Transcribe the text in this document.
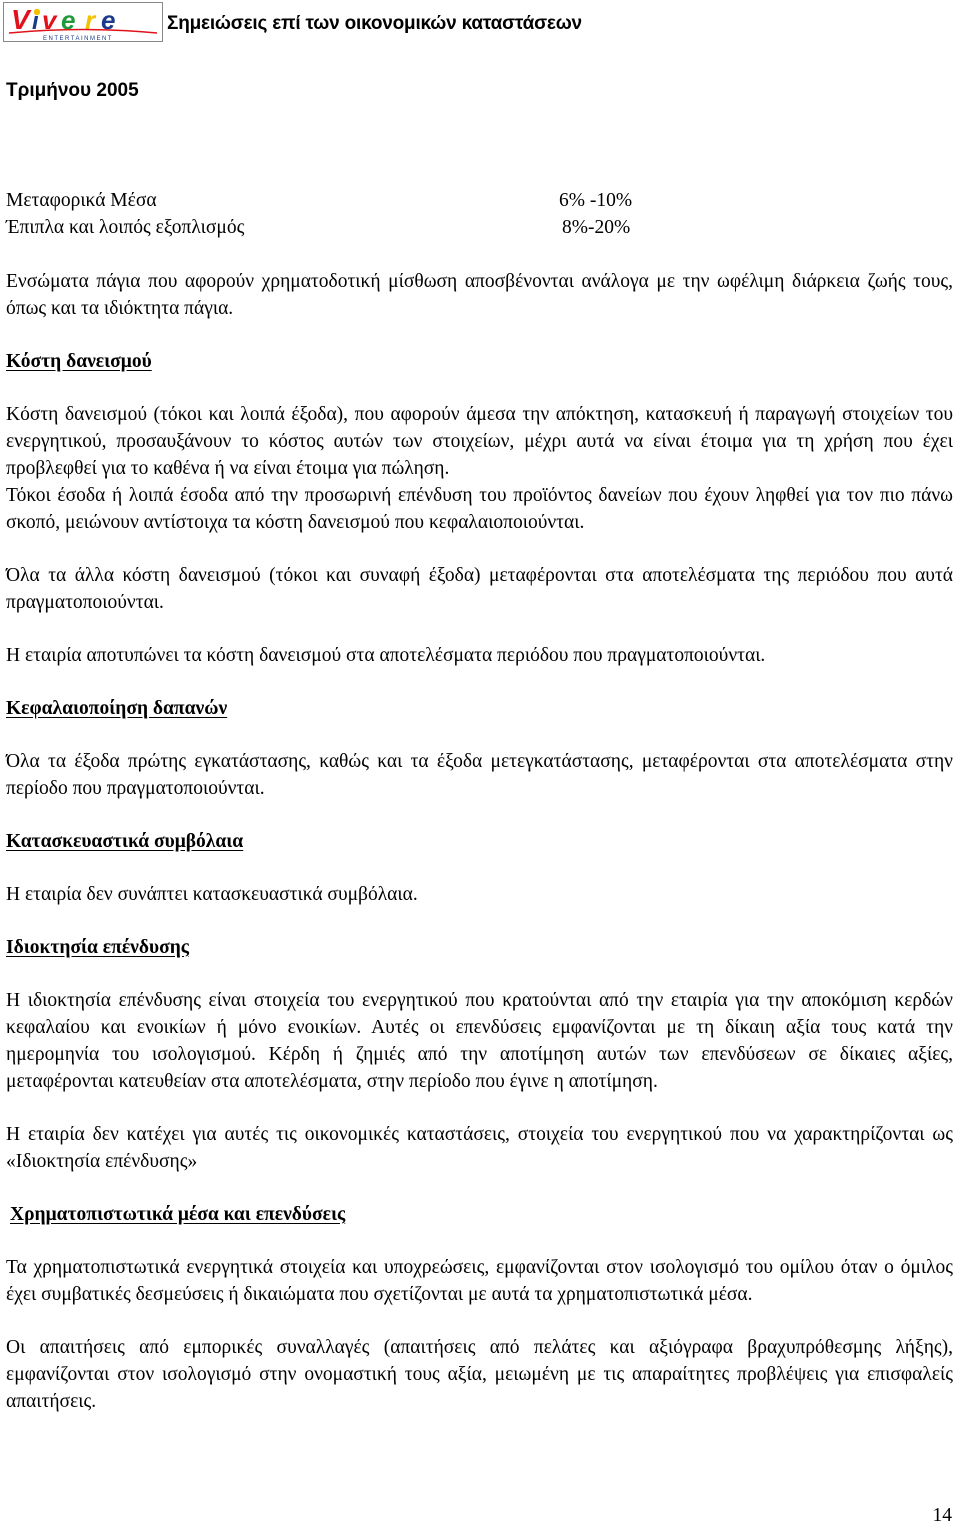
V ı v e r e
ENTERTAINMENT
Σημειώσεις επί των οικονομικών καταστάσεων
Τριμήνου 2005
Μεταφορικά Μέσα	6% -10%
Έπιπλα και λοιπός εξοπλισμός	8%-20%

Ενσώματα πάγια που αφορούν χρηματοδοτική μίσθωση αποσβένονται ανάλογα με την ωφέλιμη διάρκεια ζωής τους, όπως και τα ιδιόκτητα πάγια.

Κόστη δανεισμού

Κόστη δανεισμού (τόκοι και λοιπά έξοδα), που αφορούν άμεσα την απόκτηση, κατασκευή ή παραγωγή στοιχείων του ενεργητικού, προσαυξάνουν το κόστος αυτών των στοιχείων, μέχρι αυτά να είναι έτοιμα για τη χρήση που έχει προβλεφθεί για το καθένα ή να είναι έτοιμα για πώληση.

Τόκοι έσοδα ή λοιπά έσοδα από την προσωρινή επένδυση του προϊόντος δανείων που έχουν ληφθεί για τον πιο πάνω σκοπό, μειώνουν αντίστοιχα τα κόστη δανεισμού που κεφαλαιοποιούνται.

Όλα τα άλλα κόστη δανεισμού (τόκοι και συναφή έξοδα) μεταφέρονται στα αποτελέσματα της περιόδου που αυτά πραγματοποιούνται.

Η εταιρία αποτυπώνει τα κόστη δανεισμού στα αποτελέσματα περιόδου που πραγματοποιούνται.

Κεφαλαιοποίηση δαπανών

Όλα τα έξοδα πρώτης εγκατάστασης, καθώς και τα έξοδα μετεγκατάστασης, μεταφέρονται στα αποτελέσματα στην περίοδο που πραγματοποιούνται.

Κατασκευαστικά συμβόλαια

Η εταιρία δεν συνάπτει κατασκευαστικά συμβόλαια.

Ιδιοκτησία επένδυσης

Η ιδιοκτησία επένδυσης είναι στοιχεία του ενεργητικού που κρατούνται από την εταιρία για την αποκόμιση κερδών κεφαλαίου και ενοικίων ή μόνο ενοικίων. Αυτές οι επενδύσεις εμφανίζονται με τη δίκαιη αξία τους κατά την ημερομηνία του ισολογισμού. Κέρδη ή ζημιές από την αποτίμηση αυτών των επενδύσεων σε δίκαιες αξίες, μεταφέρονται κατευθείαν στα αποτελέσματα, στην περίοδο που έγινε η αποτίμηση.

Η εταιρία δεν κατέχει για αυτές τις οικονομικές καταστάσεις, στοιχεία του ενεργητικού που να χαρακτηρίζονται ως «Ιδιοκτησία επένδυσης»

Χρηματοπιστωτικά μέσα και επενδύσεις

Τα χρηματοπιστωτικά ενεργητικά στοιχεία και υποχρεώσεις, εμφανίζονται στον ισολογισμό του ομίλου όταν ο όμιλος έχει συμβατικές δεσμεύσεις ή δικαιώματα που σχετίζονται με αυτά τα χρηματοπιστωτικά μέσα.

Οι απαιτήσεις από εμπορικές συναλλαγές (απαιτήσεις από πελάτες και αξιόγραφα βραχυπρόθεσμης λήξης), εμφανίζονται στον ισολογισμό στην ονομαστική τους αξία, μειωμένη με τις απαραίτητες προβλέψεις για επισφαλείς απαιτήσεις.

14
